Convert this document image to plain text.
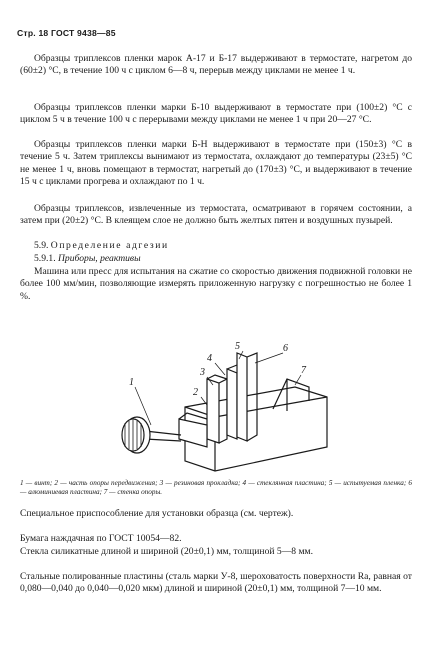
Стр. 18 ГОСТ 9438—85
Образцы триплексов пленки марок А-17 и Б-17 выдерживают в термостате, нагретом до (60±2) °С, в течение 100 ч с циклом 6—8 ч, перерыв между циклами не менее 1 ч.
Образцы триплексов пленки марки Б-10 выдерживают в термостате при (100±2) °С с циклом 5 ч в течение 100 ч с перерывами между циклами не менее 1 ч при 20—27 °С.
Образцы триплексов пленки марки Б-Н выдерживают в термостате при (150±3) °С в течение 5 ч. Затем триплексы вынимают из термостата, охлаждают до температуры (23±5) °С не менее 1 ч, вновь помещают в термостат, нагретый до (170±3) °С, и выдерживают в течение 15 ч с циклами прогрева и охлаждают по 1 ч.
Образцы триплексов, извлеченные из термостата, осматривают в горячем состоянии, а затем при (20±2) °С. В клеящем слое не должно быть желтых пятен и воздушных пузырей.
5.9. Определение адгезии
5.9.1. Приборы, реактивы
Машина или пресс для испытания на сжатие со скоростью движения подвижной головки не более 100 мм/мин, позволяющие измерять приложенную нагрузку с погрешностью не более 1 %.
1
2
3
4
5	6
7
1 — винт; 2 — часть опоры передвижения; 3 — резиновая прокладка; 4 — стеклянная пластина; 5 — испытуемая пленка; 6 — алюминиевая пластина; 7 — стенка опоры.
Специальное приспособление для установки образца (см. чертеж).
Бумага наждачная по ГОСТ 10054—82.
Стекла силикатные длиной и шириной (20±0,1) мм, толщиной 5—8 мм.
Стальные полированные пластины (сталь марки У-8, шероховатость поверхности Ra, равная от 0,080—0,040 до 0,040—0,020 мкм) длиной и шириной (20±0,1) мм, толщиной 7—10 мм.
